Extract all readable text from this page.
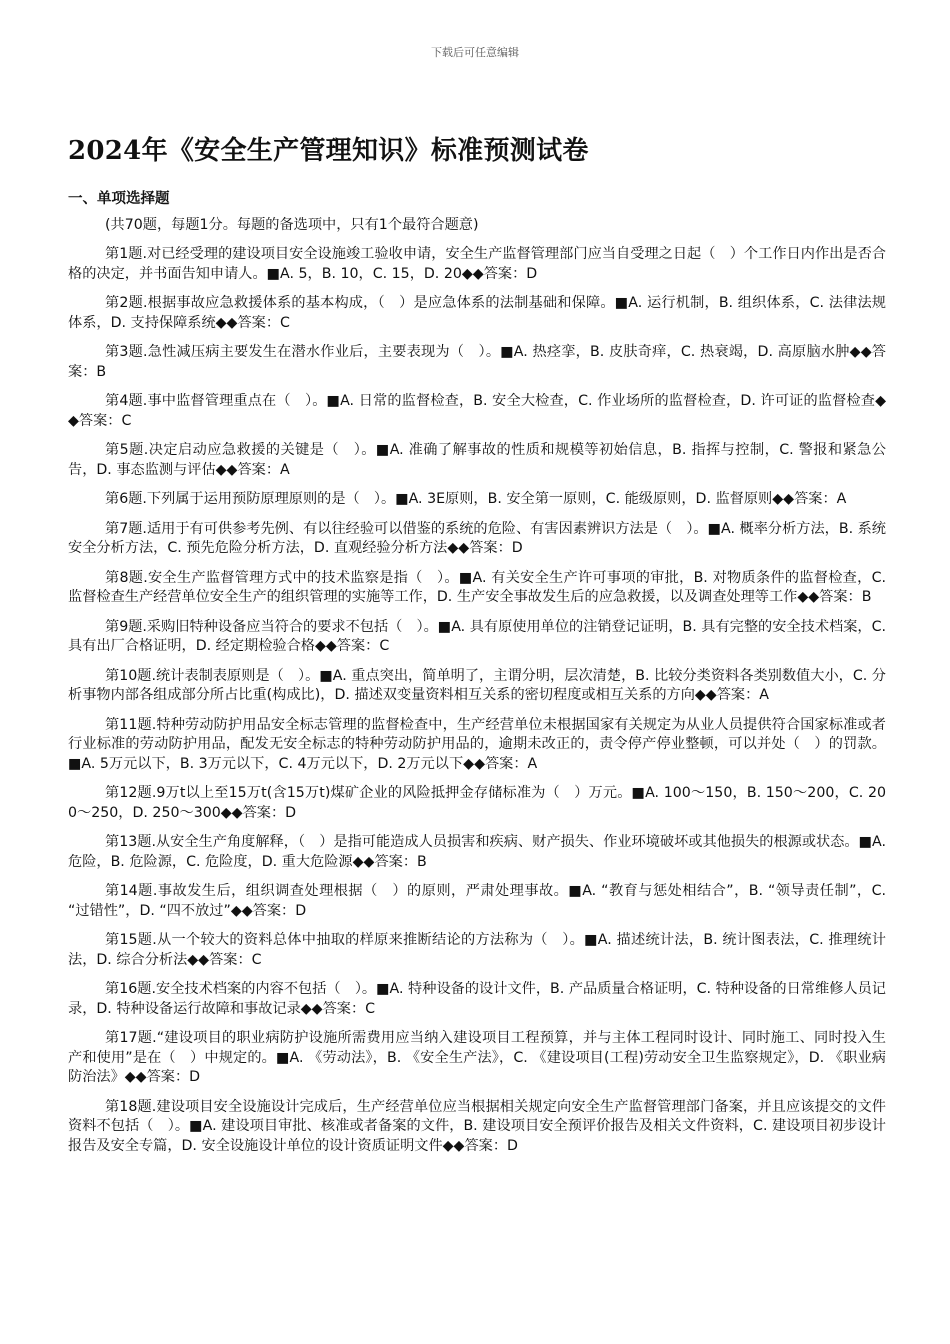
下载后可任意编辑
2024年《安全生产管理知识》标准预测试卷
一、单项选择题
(共70题，每题1分。每题的备选项中，只有1个最符合题意)

第1题.对已经受理的建设项目安全设施竣工验收申请，安全生产监督管理部门应当自受理之日起（　）个工作日内作出是否合格的决定，并书面告知申请人。■A. 5，B. 10，C. 15，D. 20◆◆答案：D

第2题.根据事故应急救援体系的基本构成，（　）是应急体系的法制基础和保障。■A. 运行机制，B. 组织体系，C. 法律法规体系，D. 支持保障系统◆◆答案：C

第3题.急性减压病主要发生在潜水作业后，主要表现为（　）。■A. 热痉挛，B. 皮肤奇痒，C. 热衰竭，D. 高原脑水肿◆◆答案：B

第4题.事中监督管理重点在（　）。■A. 日常的监督检查，B. 安全大检查，C. 作业场所的监督检查，D. 许可证的监督检查◆◆答案：C

第5题.决定启动应急救援的关键是（　）。■A. 准确了解事故的性质和规模等初始信息，B. 指挥与控制，C. 警报和紧急公告，D. 事态监测与评估◆◆答案：A

第6题.下列属于运用预防原理原则的是（　）。■A. 3E原则，B. 安全第一原则，C. 能级原则，D. 监督原则◆◆答案：A

第7题.适用于有可供参考先例、有以往经验可以借鉴的系统的危险、有害因素辨识方法是（　）。■A. 概率分析方法，B. 系统安全分析方法，C. 预先危险分析方法，D. 直观经验分析方法◆◆答案：D

第8题.安全生产监督管理方式中的技术监察是指（　）。■A. 有关安全生产许可事项的审批，B. 对物质条件的监督检查，C. 监督检查生产经营单位安全生产的组织管理的实施等工作，D. 生产安全事故发生后的应急救援，以及调查处理等工作◆◆答案：B

第9题.采购旧特种设备应当符合的要求不包括（　）。■A. 具有原使用单位的注销登记证明，B. 具有完整的安全技术档案，C. 具有出厂合格证明，D. 经定期检验合格◆◆答案：C

第10题.统计表制表原则是（　）。■A. 重点突出，简单明了，主谓分明，层次清楚，B. 比较分类资料各类别数值大小，C. 分析事物内部各组成部分所占比重(构成比)，D. 描述双变量资料相互关系的密切程度或相互关系的方向◆◆答案：A

第11题.特种劳动防护用品安全标志管理的监督检查中，生产经营单位未根据国家有关规定为从业人员提供符合国家标准或者行业标准的劳动防护用品，配发无安全标志的特种劳动防护用品的，逾期未改正的，责令停产停业整顿，可以并处（　）的罚款。■A. 5万元以下，B. 3万元以下，C. 4万元以下，D. 2万元以下◆◆答案：A

第12题.9万t以上至15万t(含15万t)煤矿企业的风险抵押金存储标准为（　）万元。■A. 100～150，B. 150～200，C. 200～250，D. 250～300◆◆答案：D

第13题.从安全生产角度解释，（　）是指可能造成人员损害和疾病、财产损失、作业环境破坏或其他损失的根源或状态。■A. 危险，B. 危险源，C. 危险度，D. 重大危险源◆◆答案：B

第14题.事故发生后，组织调查处理根据（　）的原则，严肃处理事故。■A. “教育与惩处相结合”，B. “领导责任制”，C. “过错性”，D. “四不放过”◆◆答案：D

第15题.从一个较大的资料总体中抽取的样原来推断结论的方法称为（　）。■A. 描述统计法，B. 统计图表法，C. 推理统计法，D. 综合分析法◆◆答案：C

第16题.安全技术档案的内容不包括（　）。■A. 特种设备的设计文件，B. 产品质量合格证明，C. 特种设备的日常维修人员记录，D. 特种设备运行故障和事故记录◆◆答案：C

第17题.“建设项目的职业病防护设施所需费用应当纳入建设项目工程预算，并与主体工程同时设计、同时施工、同时投入生产和使用”是在（　）中规定的。■A. 《劳动法》，B. 《安全生产法》，C. 《建设项目(工程)劳动安全卫生监察规定》，D. 《职业病防治法》◆◆答案：D

第18题.建设项目安全设施设计完成后，生产经营单位应当根据相关规定向安全生产监督管理部门备案，并且应该提交的文件资料不包括（　）。■A. 建设项目审批、核准或者备案的文件，B. 建设项目安全预评价报告及相关文件资料，C. 建设项目初步设计报告及安全专篇，D. 安全设施设计单位的设计资质证明文件◆◆答案：D
